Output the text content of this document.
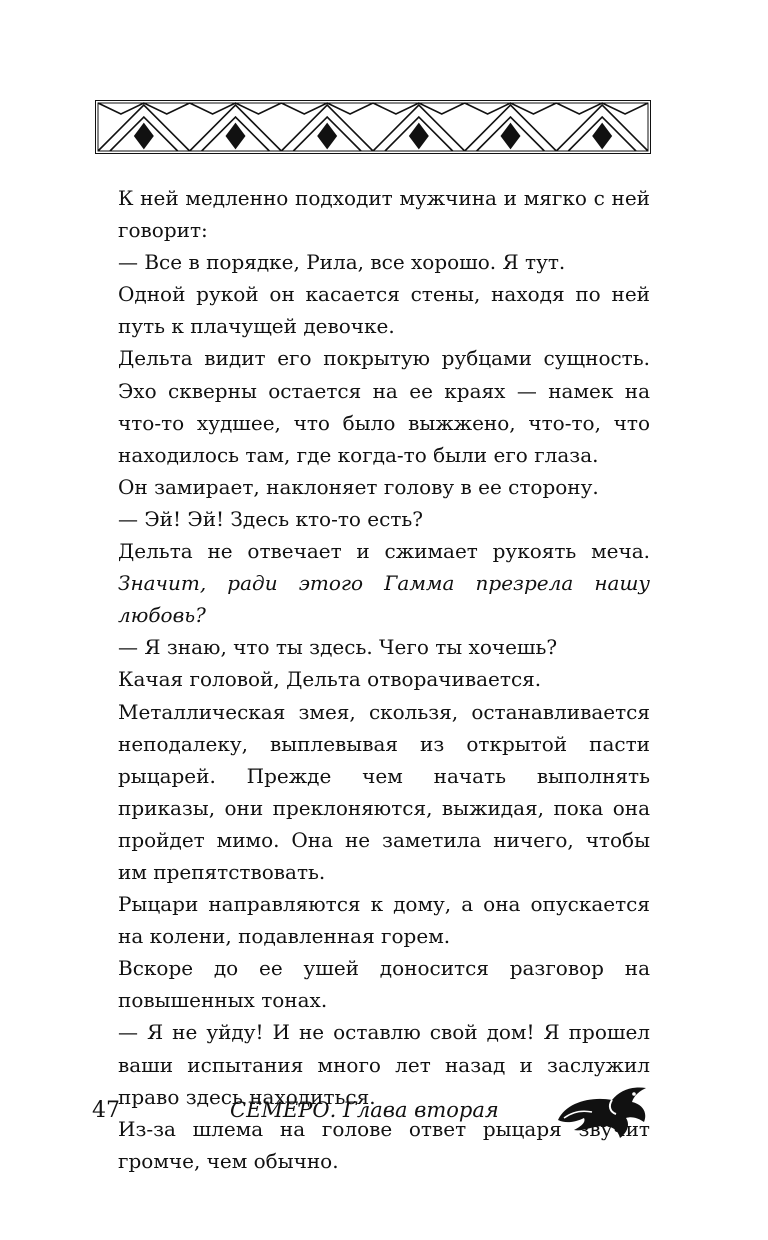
К ней медленно подходит мужчина и мягко с ней говорит:

— Все в порядке, Рила, все хорошо. Я тут.

Одной рукой он касается стены, находя по ней путь к плачущей девочке.

Дельта видит его покрытую рубцами сущность. Эхо скверны остается на ее краях — намек на что-то худшее, что было выжжено, что-то, что находилось там, где когда-то были его глаза.

Он замирает, наклоняет голову в ее сторону.

— Эй! Эй! Здесь кто-то есть?

Дельта не отвечает и сжимает рукоять меча. Значит, ради этого Гамма презрела нашу любовь?

— Я знаю, что ты здесь. Чего ты хочешь?

Качая головой, Дельта отворачивается.

Металлическая змея, скользя, останавливается неподалеку, выплевывая из открытой пасти рыцарей. Прежде чем начать выполнять приказы, они преклоняются, выжидая, пока она пройдет мимо. Она не заметила ничего, чтобы им препятствовать.

Рыцари направляются к дому, а она опускается на колени, подавленная горем.

Вскоре до ее ушей доносится разговор на повышенных тонах.

— Я не уйду! И не оставлю свой дом! Я прошел ваши испытания много лет назад и заслужил право здесь находиться.

Из-за шлема на голове ответ рыцаря звучит громче, чем обычно.

47	СЕМЕРО. Глава вторая
